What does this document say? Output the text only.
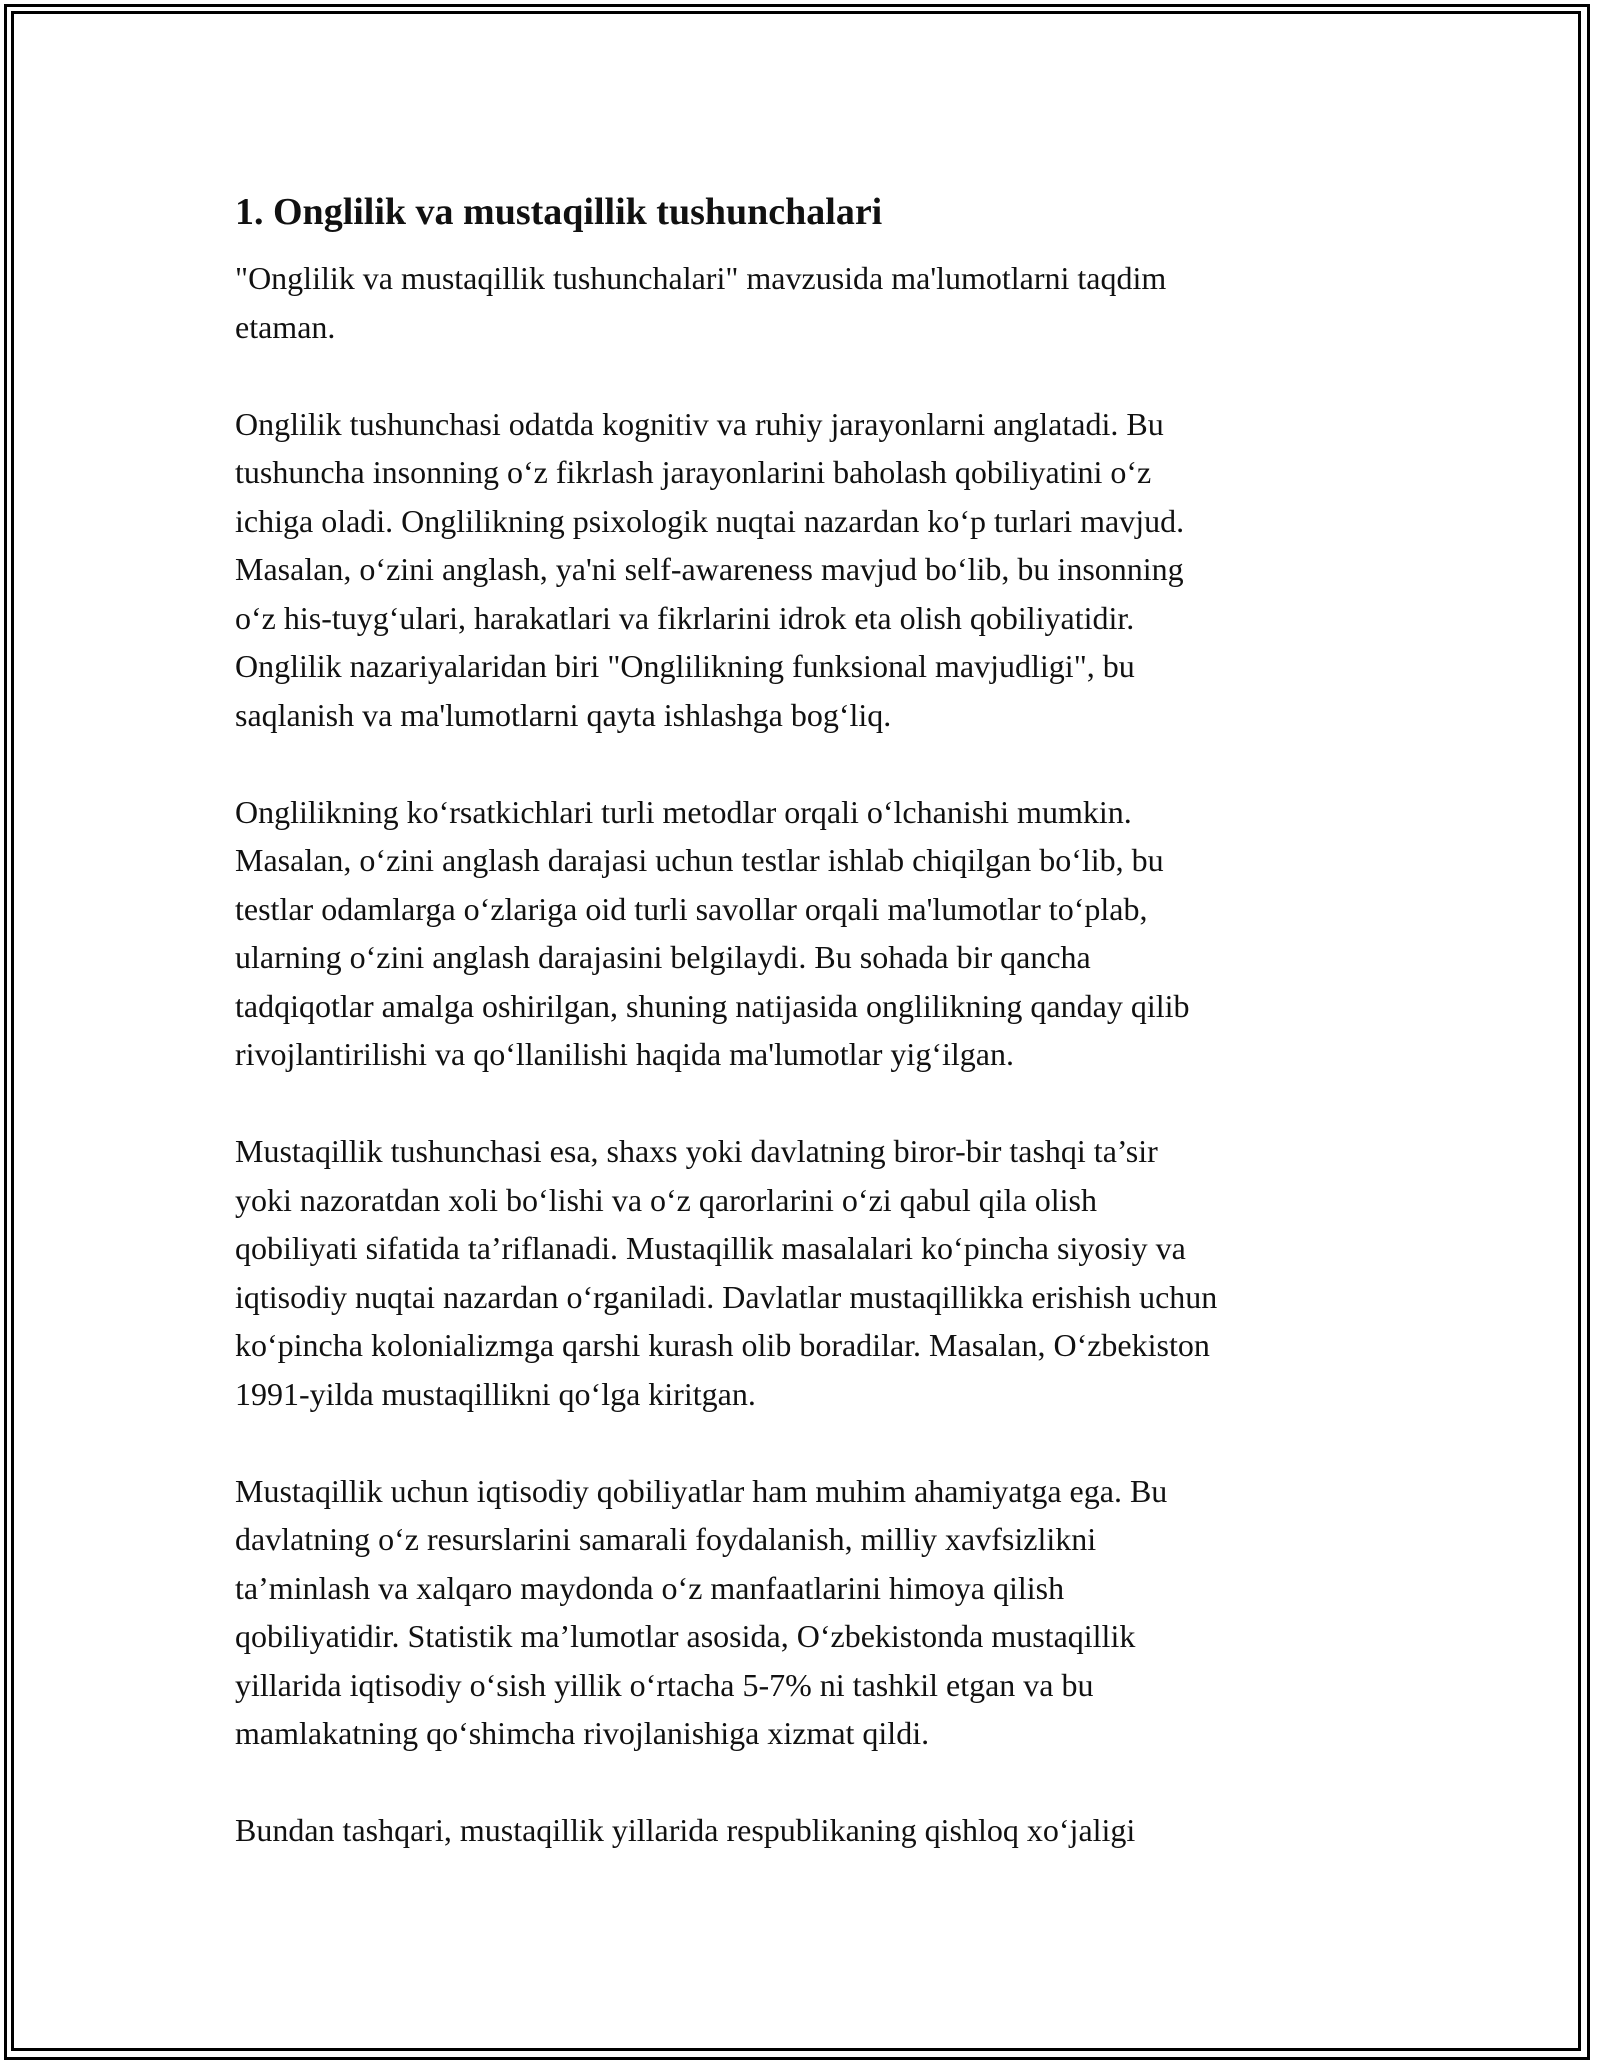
1. Onglilik va mustaqillik tushunchalari

"Onglilik va mustaqillik tushunchalari" mavzusida ma'lumotlarni taqdim
etaman.

Onglilik tushunchasi odatda kognitiv va ruhiy jarayonlarni anglatadi. Bu
tushuncha insonning o‘z fikrlash jarayonlarini baholash qobiliyatini o‘z
ichiga oladi. Onglilikning psixologik nuqtai nazardan ko‘p turlari mavjud.
Masalan, o‘zini anglash, ya'ni self-awareness mavjud bo‘lib, bu insonning
o‘z his-tuyg‘ulari, harakatlari va fikrlarini idrok eta olish qobiliyatidir.
Onglilik nazariyalaridan biri "Onglilikning funksional mavjudligi", bu
saqlanish va ma'lumotlarni qayta ishlashga bog‘liq.

Onglilikning ko‘rsatkichlari turli metodlar orqali o‘lchanishi mumkin.
Masalan, o‘zini anglash darajasi uchun testlar ishlab chiqilgan bo‘lib, bu
testlar odamlarga o‘zlariga oid turli savollar orqali ma'lumotlar to‘plab,
ularning o‘zini anglash darajasini belgilaydi. Bu sohada bir qancha
tadqiqotlar amalga oshirilgan, shuning natijasida onglilikning qanday qilib
rivojlantirilishi va qo‘llanilishi haqida ma'lumotlar yig‘ilgan.

Mustaqillik tushunchasi esa, shaxs yoki davlatning biror-bir tashqi ta’sir
yoki nazoratdan xoli bo‘lishi va o‘z qarorlarini o‘zi qabul qila olish
qobiliyati sifatida ta’riflanadi. Mustaqillik masalalari ko‘pincha siyosiy va
iqtisodiy nuqtai nazardan o‘rganiladi. Davlatlar mustaqillikka erishish uchun
ko‘pincha kolonializmga qarshi kurash olib boradilar. Masalan, O‘zbekiston
1991-yilda mustaqillikni qo‘lga kiritgan.

Mustaqillik uchun iqtisodiy qobiliyatlar ham muhim ahamiyatga ega. Bu
davlatning o‘z resurslarini samarali foydalanish, milliy xavfsizlikni
ta’minlash va xalqaro maydonda o‘z manfaatlarini himoya qilish
qobiliyatidir. Statistik ma’lumotlar asosida, O‘zbekistonda mustaqillik
yillarida iqtisodiy o‘sish yillik o‘rtacha 5-7% ni tashkil etgan va bu
mamlakatning qo‘shimcha rivojlanishiga xizmat qildi.

Bundan tashqari, mustaqillik yillarida respublikaning qishloq xo‘jaligi
